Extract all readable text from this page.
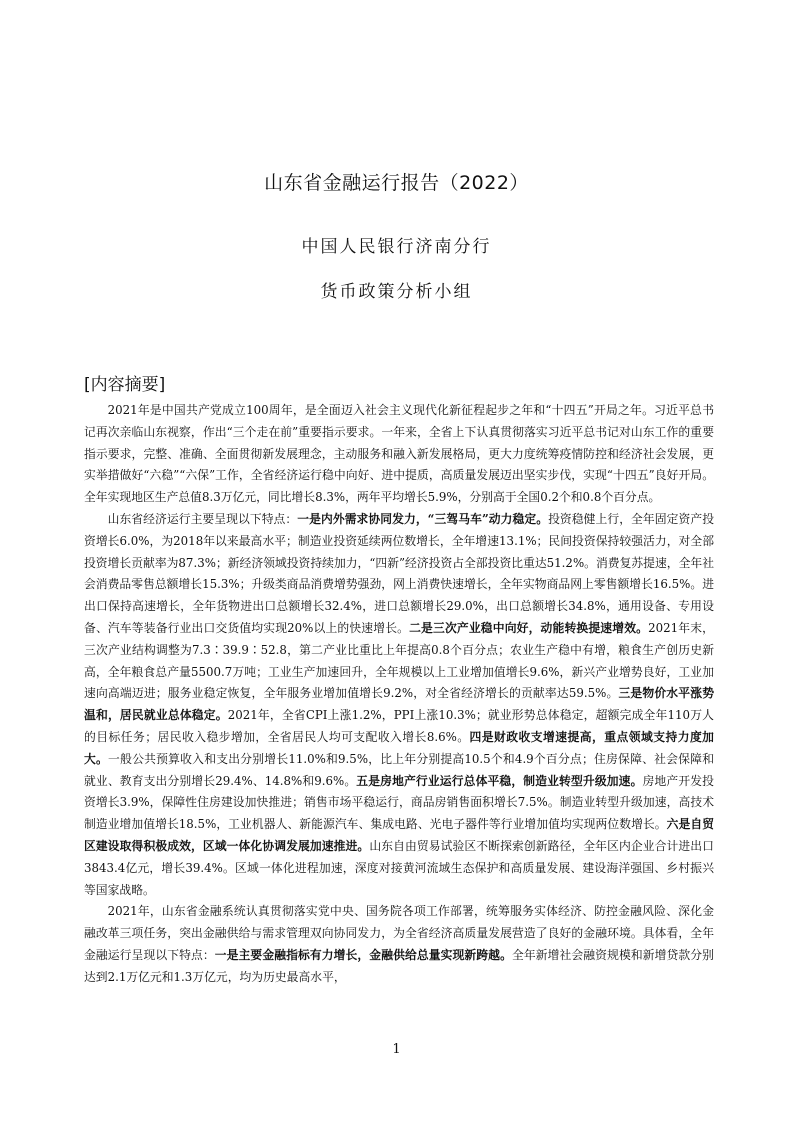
山东省金融运行报告（2022）
中国人民银行济南分行
货币政策分析小组
[内容摘要]

2021年是中国共产党成立100周年，是全面迈入社会主义现代化新征程起步之年和“十四五”开局之年。习近平总书记再次亲临山东视察，作出“三个走在前”重要指示要求。一年来，全省上下认真贯彻落实习近平总书记对山东工作的重要指示要求，完整、准确、全面贯彻新发展理念，主动服务和融入新发展格局，更大力度统筹疫情防控和经济社会发展，更实举措做好“六稳”“六保”工作，全省经济运行稳中向好、进中提质，高质量发展迈出坚实步伐，实现“十四五”良好开局。全年实现地区生产总值8.3万亿元，同比增长8.3%，两年平均增长5.9%，分别高于全国0.2个和0.8个百分点。

山东省经济运行主要呈现以下特点：一是内外需求协同发力，“三驾马车”动力稳定。投资稳健上行，全年固定资产投资增长6.0%，为2018年以来最高水平；制造业投资延续两位数增长，全年增速13.1%；民间投资保持较强活力，对全部投资增长贡献率为87.3%；新经济领域投资持续加力，“四新”经济投资占全部投资比重达51.2%。消费复苏提速，全年社会消费品零售总额增长15.3%；升级类商品消费增势强劲，网上消费快速增长，全年实物商品网上零售额增长16.5%。进出口保持高速增长，全年货物进出口总额增长32.4%，进口总额增长29.0%，出口总额增长34.8%，通用设备、专用设备、汽车等装备行业出口交货值均实现20%以上的快速增长。二是三次产业稳中向好，动能转换提速增效。2021年末，三次产业结构调整为7.3∶39.9∶52.8，第二产业比重比上年提高0.8个百分点；农业生产稳中有增，粮食生产创历史新高，全年粮食总产量5500.7万吨；工业生产加速回升，全年规模以上工业增加值增长9.6%，新兴产业增势良好，工业加速向高端迈进；服务业稳定恢复，全年服务业增加值增长9.2%，对全省经济增长的贡献率达59.5%。三是物价水平涨势温和，居民就业总体稳定。2021年，全省CPI上涨1.2%，PPI上涨10.3%；就业形势总体稳定，超额完成全年110万人的目标任务；居民收入稳步增加，全省居民人均可支配收入增长8.6%。四是财政收支增速提高，重点领域支持力度加大。一般公共预算收入和支出分别增长11.0%和9.5%，比上年分别提高10.5个和4.9个百分点；住房保障、社会保障和就业、教育支出分别增长29.4%、14.8%和9.6%。五是房地产行业运行总体平稳，制造业转型升级加速。房地产开发投资增长3.9%，保障性住房建设加快推进；销售市场平稳运行，商品房销售面积增长7.5%。制造业转型升级加速，高技术制造业增加值增长18.5%，工业机器人、新能源汽车、集成电路、光电子器件等行业增加值均实现两位数增长。六是自贸区建设取得积极成效，区域一体化协调发展加速推进。山东自由贸易试验区不断探索创新路径，全年区内企业合计进出口3843.4亿元，增长39.4%。区域一体化进程加速，深度对接黄河流域生态保护和高质量发展、建设海洋强国、乡村振兴等国家战略。

2021年，山东省金融系统认真贯彻落实党中央、国务院各项工作部署，统筹服务实体经济、防控金融风险、深化金融改革三项任务，突出金融供给与需求管理双向协同发力，为全省经济高质量发展营造了良好的金融环境。具体看，全年金融运行呈现以下特点：一是主要金融指标有力增长，金融供给总量实现新跨越。全年新增社会融资规模和新增贷款分别达到2.1万亿元和1.3万亿元，均为历史最高水平，

1
